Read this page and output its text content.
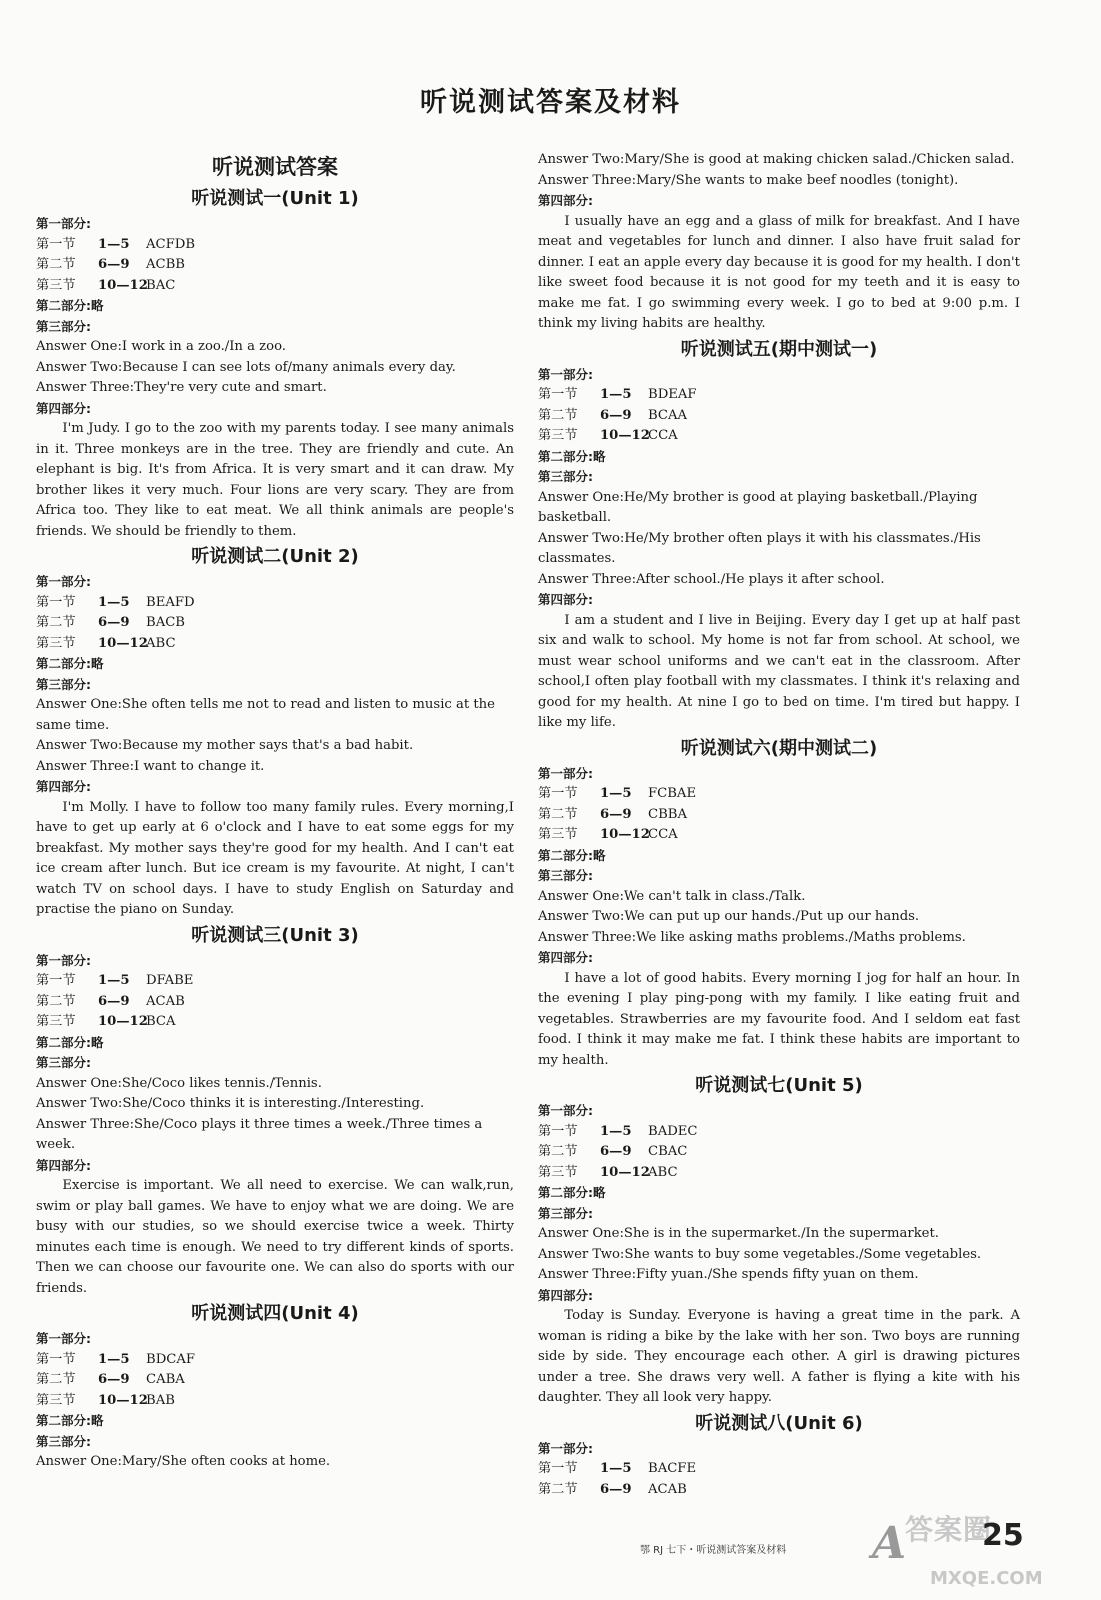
听说测试答案及材料

听说测试答案

听说测试一(Unit 1)

第一部分:

第一节 1—5 ACFDB

第二节 6—9 ACBB

第三节 10—12BAC

第二部分:略

第三部分:

Answer One:I work in a zoo./In a zoo.

Answer Two:Because I can see lots of/many animals every day.

Answer Three:They're very cute and smart.

第四部分:

I'm Judy. I go to the zoo with my parents today. I see many animals in it. Three monkeys are in the tree. They are friendly and cute. An elephant is big. It's from Africa. It is very smart and it can draw. My brother likes it very much. Four lions are very scary. They are from Africa too. They like to eat meat. We all think animals are people's friends. We should be friendly to them.

听说测试二(Unit 2)

第一部分:

第一节 1—5 BEAFD

第二节 6—9 BACB

第三节 10—12ABC

第二部分:略

第三部分:

Answer One:She often tells me not to read and listen to music at the same time.

Answer Two:Because my mother says that's a bad habit.

Answer Three:I want to change it.

第四部分:

I'm Molly. I have to follow too many family rules. Every morning,I have to get up early at 6 o'clock and I have to eat some eggs for my breakfast. My mother says they're good for my health. And I can't eat ice cream after lunch. But ice cream is my favourite. At night, I can't watch TV on school days. I have to study English on Saturday and practise the piano on Sunday.

听说测试三(Unit 3)

第一部分:

第一节 1—5 DFABE

第二节 6—9 ACAB

第三节 10—12BCA

第二部分:略

第三部分:

Answer One:She/Coco likes tennis./Tennis.

Answer Two:She/Coco thinks it is interesting./Interesting.

Answer Three:She/Coco plays it three times a week./Three times a week.

第四部分:

Exercise is important. We all need to exercise. We can walk,run, swim or play ball games. We have to enjoy what we are doing. We are busy with our studies, so we should exercise twice a week. Thirty minutes each time is enough. We need to try different kinds of sports. Then we can choose our favourite one. We can also do sports with our friends.

听说测试四(Unit 4)

第一部分:

第一节 1—5 BDCAF

第二节 6—9 CABA

第三节 10—12BAB

第二部分:略

第三部分:

Answer One:Mary/She often cooks at home.

Answer Two:Mary/She is good at making chicken salad./Chicken salad.

Answer Three:Mary/She wants to make beef noodles (tonight).

第四部分:

I usually have an egg and a glass of milk for breakfast. And I have meat and vegetables for lunch and dinner. I also have fruit salad for dinner. I eat an apple every day because it is good for my health. I don't like sweet food because it is not good for my teeth and it is easy to make me fat. I go swimming every week. I go to bed at 9:00 p.m. I think my living habits are healthy.

听说测试五(期中测试一)

第一部分:

第一节 1—5 BDEAF

第二节 6—9 BCAA

第三节 10—12CCA

第二部分:略

第三部分:

Answer One:He/My brother is good at playing basketball./Playing basketball.

Answer Two:He/My brother often plays it with his classmates./His classmates.

Answer Three:After school./He plays it after school.

第四部分:

I am a student and I live in Beijing. Every day I get up at half past six and walk to school. My home is not far from school. At school, we must wear school uniforms and we can't eat in the classroom. After school,I often play football with my classmates. I think it's relaxing and good for my health. At nine I go to bed on time. I'm tired but happy. I like my life.

听说测试六(期中测试二)

第一部分:

第一节 1—5 FCBAE

第二节 6—9 CBBA

第三节 10—12CCA

第二部分:略

第三部分:

Answer One:We can't talk in class./Talk.

Answer Two:We can put up our hands./Put up our hands.

Answer Three:We like asking maths problems./Maths problems.

第四部分:

I have a lot of good habits. Every morning I jog for half an hour. In the evening I play ping-pong with my family. I like eating fruit and vegetables. Strawberries are my favourite food. And I seldom eat fast food. I think it may make me fat. I think these habits are important to my health.

听说测试七(Unit 5)

第一部分:

第一节 1—5 BADEC

第二节 6—9 CBAC

第三节 10—12ABC

第二部分:略

第三部分:

Answer One:She is in the supermarket./In the supermarket.

Answer Two:She wants to buy some vegetables./Some vegetables.

Answer Three:Fifty yuan./She spends fifty yuan on them.

第四部分:

Today is Sunday. Everyone is having a great time in the park. A woman is riding a bike by the lake with her son. Two boys are running side by side. They encourage each other. A girl is drawing pictures under a tree. She draws very well. A father is flying a kite with his daughter. They all look very happy.

听说测试八(Unit 6)

第一部分:

第一节 1—5 BACFE

第二节 6—9 ACAB

A
答案圈
MXQE.COM
鄂 RJ 七下・听说测试答案及材料	25
